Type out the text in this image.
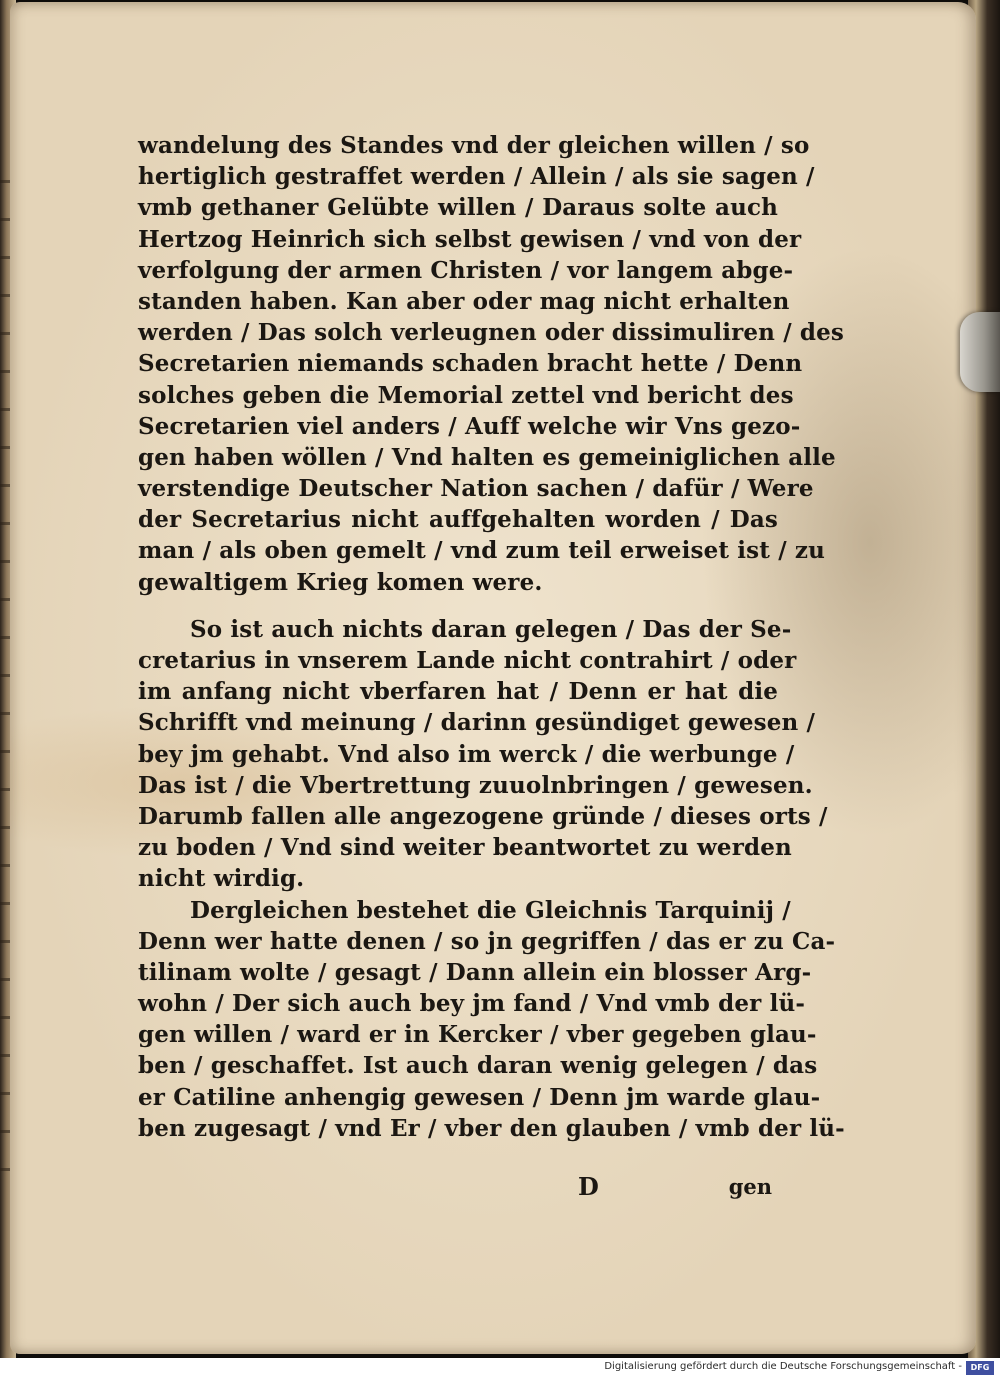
wandelung des Standes vnd der gleichen willen / so
hertiglich gestraffet werden / Allein / als sie sagen /
vmb gethaner Gelübte willen / Daraus solte auch
Hertzog Heinrich sich selbst gewisen / vnd von der
verfolgung der armen Christen / vor langem abge-
standen haben. Kan aber oder mag nicht erhalten
werden / Das solch verleugnen oder dissimuliren / des
Secretarien niemands schaden bracht hette / Denn
solches geben die Memorial zettel vnd bericht des
Secretarien viel anders / Auff welche wir Vns gezo-
gen haben wöllen / Vnd halten es gemeiniglichen alle
verstendige Deutscher Nation sachen / dafür / Were
der Secretarius nicht auffgehalten worden / Das
man / als oben gemelt / vnd zum teil erweiset ist / zu
gewaltigem Krieg komen were.
So ist auch nichts daran gelegen / Das der Se-
cretarius in vnserem Lande nicht contrahirt / oder
im anfang nicht vberfaren hat / Denn er hat die
Schrifft vnd meinung / darinn gesündiget gewesen /
bey jm gehabt. Vnd also im werck / die werbunge /
Das ist / die Vbertrettung zuuolnbringen / gewesen.
Darumb fallen alle angezogene gründe / dieses orts /
zu boden / Vnd sind weiter beantwortet zu werden
nicht wirdig.
Dergleichen bestehet die Gleichnis Tarquinij /
Denn wer hatte denen / so jn gegriffen / das er zu Ca-
tilinam wolte / gesagt / Dann allein ein blosser Arg-
wohn / Der sich auch bey jm fand / Vnd vmb der lü-
gen willen / ward er in Kercker / vber gegeben glau-
ben / geschaffet. Ist auch daran wenig gelegen / das
er Catiline anhengig gewesen / Denn jm warde glau-
ben zugesagt / vnd Er / vber den glauben / vmb der lü-
D	gen
Digitalisierung gefördert durch die Deutsche Forschungsgemeinschaft -	DFG
